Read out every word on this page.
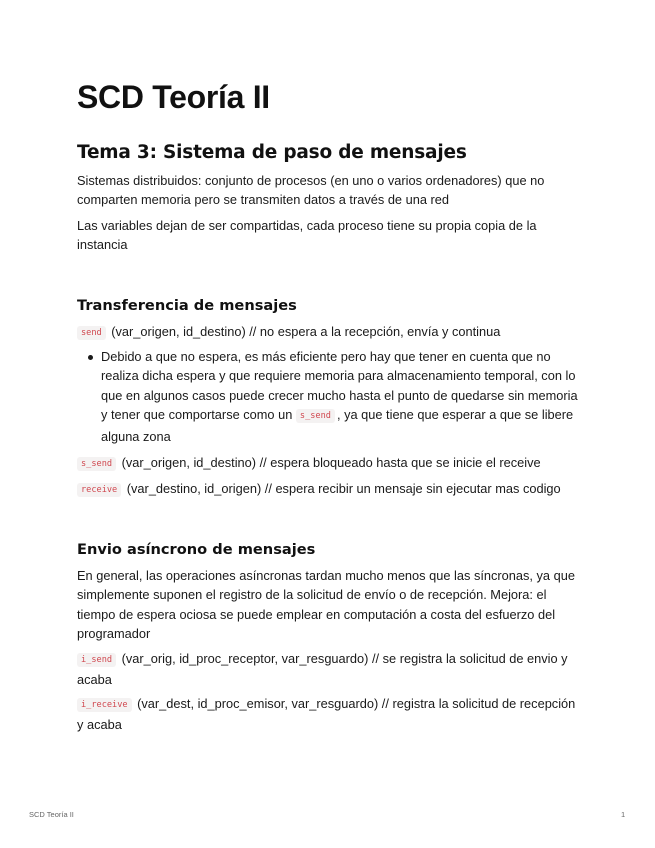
SCD Teoría II
Tema 3: Sistema de paso de mensajes

Sistemas distribuidos: conjunto de procesos (en uno o varios ordenadores) que no comparten memoria pero se transmiten datos a través de una red

Las variables dejan de ser compartidas, cada proceso tiene su propia copia de la instancia

Transferencia de mensajes

send (var_origen, id_destino) // no espera a la recepción, envía y continua

Debido a que no espera, es más eficiente pero hay que tener en cuenta que no realiza dicha espera y que requiere memoria para almacenamiento temporal, con lo que en algunos casos puede crecer mucho hasta el punto de quedarse sin memoria y tener que comportarse como un s_send , ya que tiene que esperar a que se libere alguna zona

s_send (var_origen, id_destino) // espera bloqueado hasta que se inicie el receive

receive (var_destino, id_origen) // espera recibir un mensaje sin ejecutar mas codigo

Envio asíncrono de mensajes

En general, las operaciones asíncronas tardan mucho menos que las síncronas, ya que simplemente suponen el registro de la solicitud de envío o de recepción. Mejora: el tiempo de espera ociosa se puede emplear en computación a costa del esfuerzo del programador

i_send (var_orig, id_proc_receptor, var_resguardo) // se registra la solicitud de envio y acaba

i_receive (var_dest, id_proc_emisor, var_resguardo) // registra la solicitud de recepción y acaba

SCD Teoría II	1
